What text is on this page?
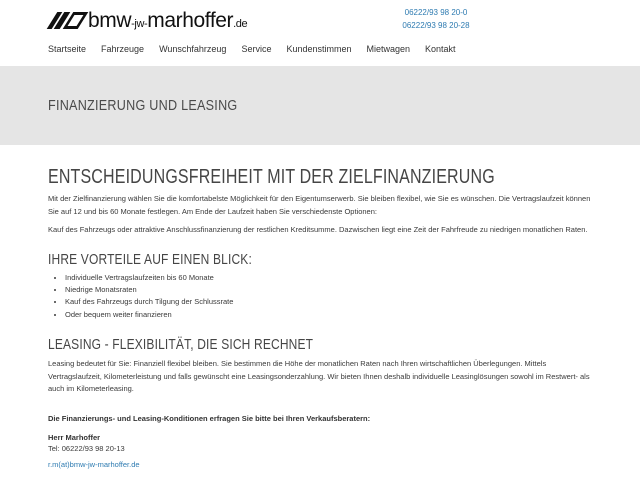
bmw-jw-marhoffer.de
06222/93 98 20-0
06222/93 98 20-28
Startseite Fahrzeuge Wunschfahrzeug Service Kundenstimmen Mietwagen Kontakt
FINANZIERUNG UND LEASING
ENTSCHEIDUNGSFREIHEIT MIT DER ZIELFINANZIERUNG

Mit der Zielfinanzierung wählen Sie die komfortabelste Möglichkeit für den Eigentumserwerb. Sie bleiben flexibel, wie Sie es wünschen. Die Vertragslaufzeit können Sie auf 12 und bis 60 Monate festlegen. Am Ende der Laufzeit haben Sie verschiedenste Optionen:

Kauf des Fahrzeugs oder attraktive Anschlussfinanzierung der restlichen Kreditsumme. Dazwischen liegt eine Zeit der Fahrfreude zu niedrigen monatlichen Raten.

IHRE VORTEILE AUF EINEN BLICK:
• Individuelle Vertragslaufzeiten bis 60 Monate
• Niedrige Monatsraten
• Kauf des Fahrzeugs durch Tilgung der Schlussrate
• Oder bequem weiter finanzieren
LEASING - FLEXIBILITÄT, DIE SICH RECHNET

Leasing bedeutet für Sie: Finanziell flexibel bleiben. Sie bestimmen die Höhe der monatlichen Raten nach Ihren wirtschaftlichen Überlegungen. Mittels Vertragslaufzeit, Kilometerleistung und falls gewünscht eine Leasingsonderzahlung. Wir bieten Ihnen deshalb individuelle Leasinglösungen sowohl im Restwert- als auch im Kilometerleasing.

Die Finanzierungs- und Leasing-Konditionen erfragen Sie bitte bei Ihren Verkaufsberatern:
Herr Marhoffer
Tel: 06222/93 98 20-13
r.m(at)bmw-jw-marhoffer.de
